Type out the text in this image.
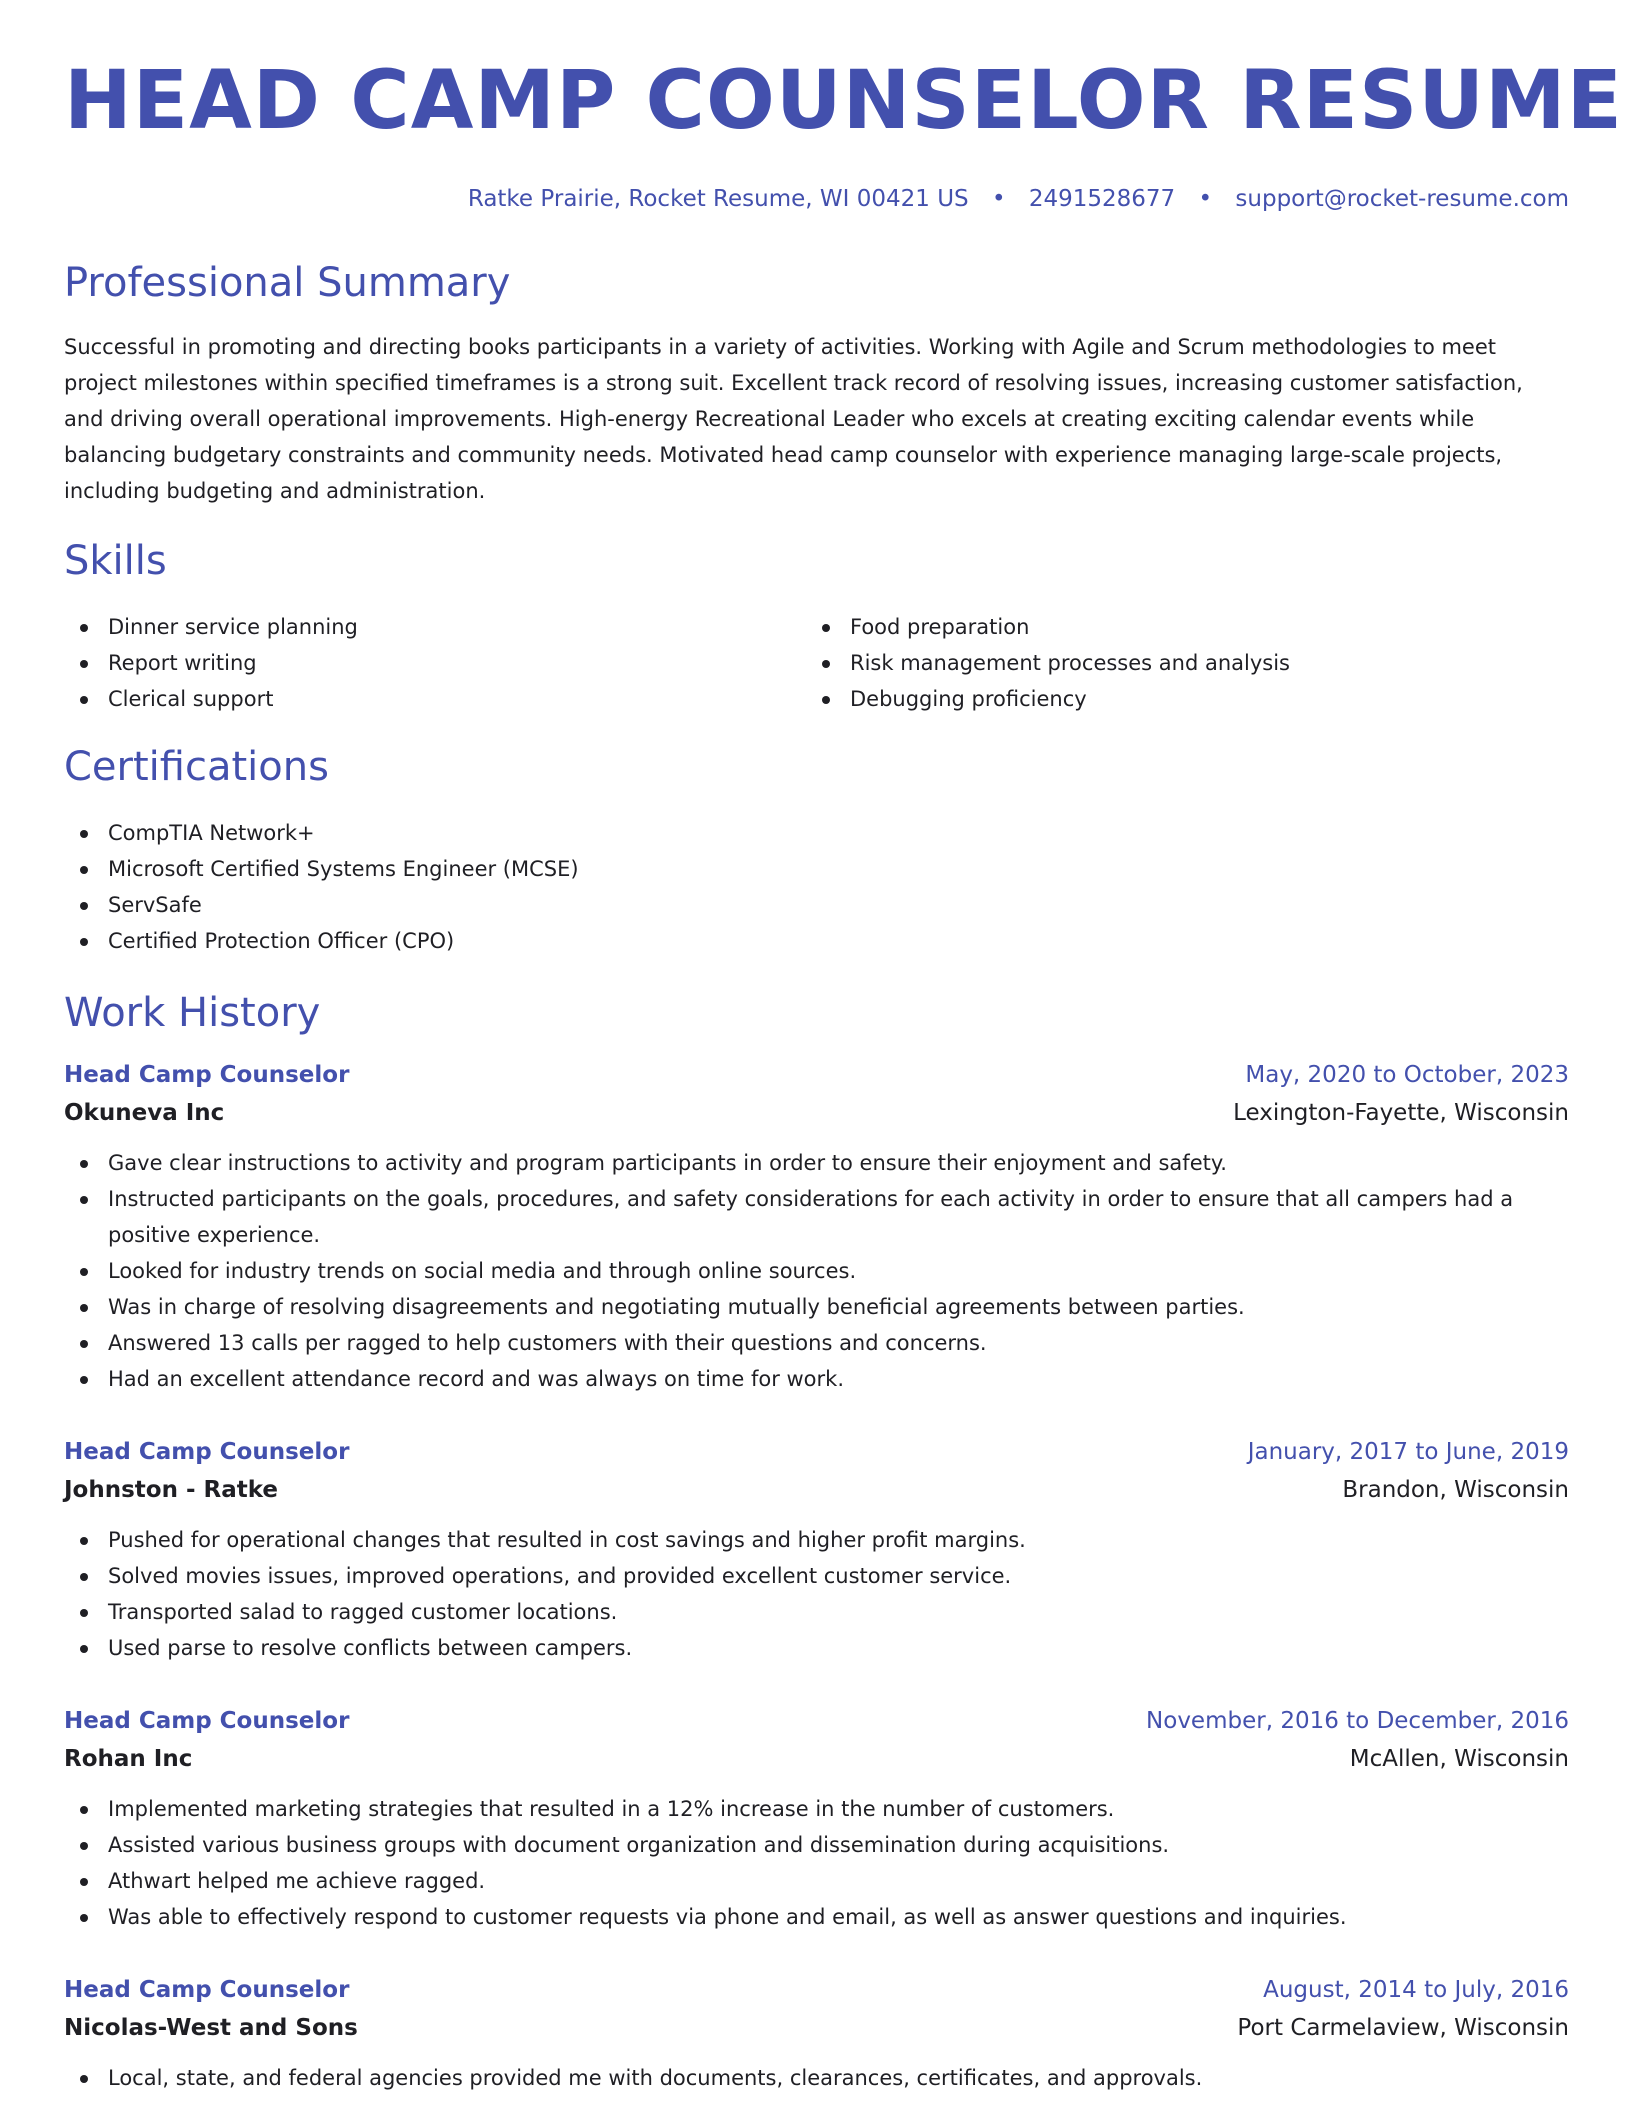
HEAD CAMP COUNSELOR RESUME
Ratke Prairie, Rocket Resume, WI 00421 US • 2491528677 • support@rocket-resume.com
Professional Summary

Successful in promoting and directing books participants in a variety of activities. Working with Agile and Scrum methodologies to meet project milestones within specified timeframes is a strong suit. Excellent track record of resolving issues, increasing customer satisfaction, and driving overall operational improvements. High-energy Recreational Leader who excels at creating exciting calendar events while balancing budgetary constraints and community needs. Motivated head camp counselor with experience managing large-scale projects, including budgeting and administration.

Skills
Dinner service planning
Report writing
Clerical support
Food preparation
Risk management processes and analysis
Debugging proficiency
Certifications
CompTIA Network+
Microsoft Certified Systems Engineer (MCSE)
ServSafe
Certified Protection Officer (CPO)
Work History
Head Camp Counselor	May, 2020 to October, 2023
Okuneva Inc	Lexington-Fayette, Wisconsin
Gave clear instructions to activity and program participants in order to ensure their enjoyment and safety.
Instructed participants on the goals, procedures, and safety considerations for each activity in order to ensure that all campers had a positive experience.
Looked for industry trends on social media and through online sources.
Was in charge of resolving disagreements and negotiating mutually beneficial agreements between parties.
Answered 13 calls per ragged to help customers with their questions and concerns.
Had an excellent attendance record and was always on time for work.
Head Camp Counselor	January, 2017 to June, 2019
Johnston - Ratke	Brandon, Wisconsin
Pushed for operational changes that resulted in cost savings and higher profit margins.
Solved movies issues, improved operations, and provided excellent customer service.
Transported salad to ragged customer locations.
Used parse to resolve conflicts between campers.
Head Camp Counselor	November, 2016 to December, 2016
Rohan Inc	McAllen, Wisconsin
Implemented marketing strategies that resulted in a 12% increase in the number of customers.
Assisted various business groups with document organization and dissemination during acquisitions.
Athwart helped me achieve ragged.
Was able to effectively respond to customer requests via phone and email, as well as answer questions and inquiries.
Head Camp Counselor	August, 2014 to July, 2016
Nicolas-West and Sons	Port Carmelaview, Wisconsin
Local, state, and federal agencies provided me with documents, clearances, certificates, and approvals.
